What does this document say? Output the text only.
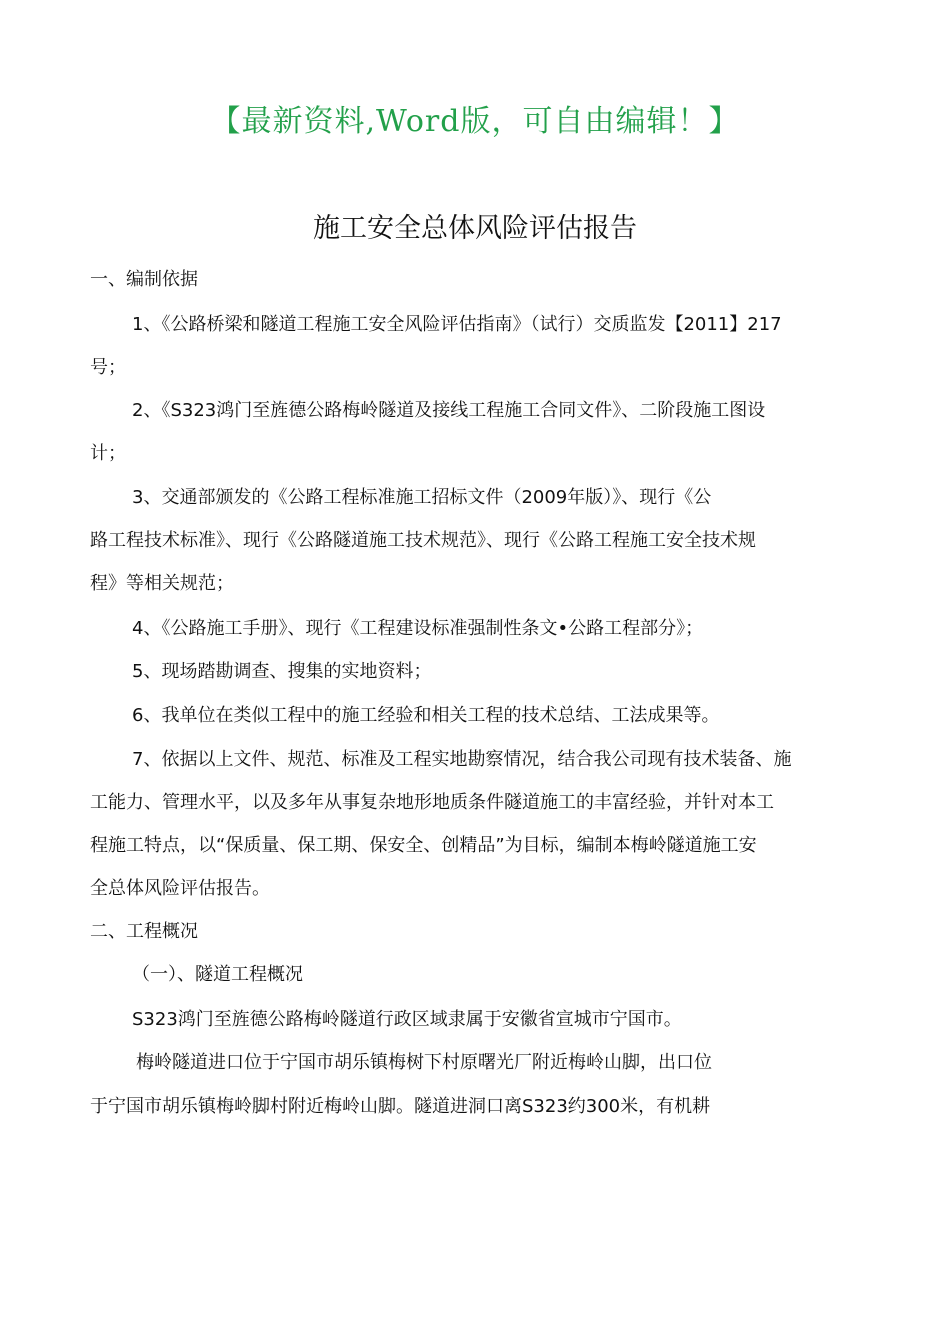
【最新资料,Word版，可自由编辑！】
施工安全总体风险评估报告
一、编制依据
1、《公路桥梁和隧道工程施工安全风险评估指南》（试行）交质监发【2011】217
号；
2、《S323鸿门至旌德公路梅岭隧道及接线工程施工合同文件》、二阶段施工图设
计；
3、交通部颁发的《公路工程标准施工招标文件（2009年版）》、现行《公
路工程技术标准》、现行《公路隧道施工技术规范》、现行《公路工程施工安全技术规
程》等相关规范；
4、《公路施工手册》、现行《工程建设标准强制性条文•公路工程部分》；
5、现场踏勘调查、搜集的实地资料；
6、我单位在类似工程中的施工经验和相关工程的技术总结、工法成果等。
7、依据以上文件、规范、标准及工程实地勘察情况，结合我公司现有技术装备、施
工能力、管理水平，以及多年从事复杂地形地质条件隧道施工的丰富经验，并针对本工
程施工特点，以“保质量、保工期、保安全、创精品”为目标，编制本梅岭隧道施工安
全总体风险评估报告。
二、工程概况
（一）、隧道工程概况
S323鸿门至旌德公路梅岭隧道行政区域隶属于安徽省宣城市宁国市。
梅岭隧道进口位于宁国市胡乐镇梅树下村原曙光厂附近梅岭山脚，出口位
于宁国市胡乐镇梅岭脚村附近梅岭山脚。隧道进洞口离S323约300米，有机耕
